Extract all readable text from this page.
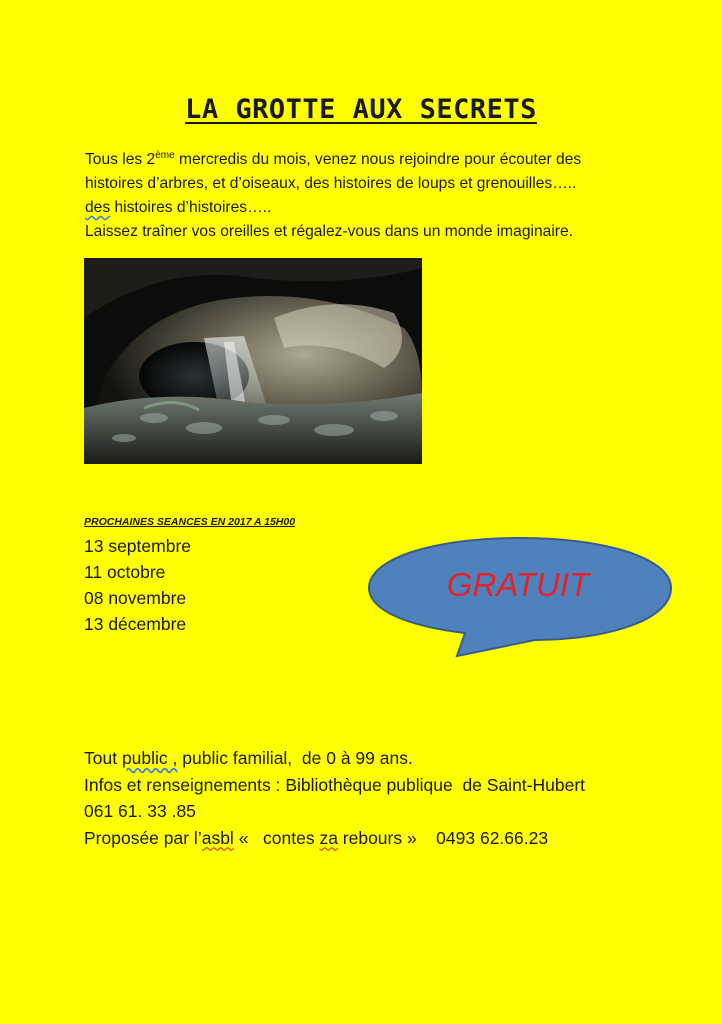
LA GROTTE AUX SECRETS
Tous les 2ème mercredis du mois, venez nous rejoindre pour écouter des
histoires d’arbres, et d’oiseaux, des histoires de loups et grenouilles…..
des histoires d’histoires…..
Laissez traîner vos oreilles et régalez-vous dans un monde imaginaire.
PROCHAINES SEANCES EN 2017 A 15H00
13 septembre
11 octobre
08 novembre
13 décembre
GRATUIT
Tout public , public familial,  de 0 à 99 ans.
Infos et renseignements : Bibliothèque publique  de Saint-Hubert
061 61. 33 .85
Proposée par l’asbl «   contes za rebours »    0493 62.66.23
